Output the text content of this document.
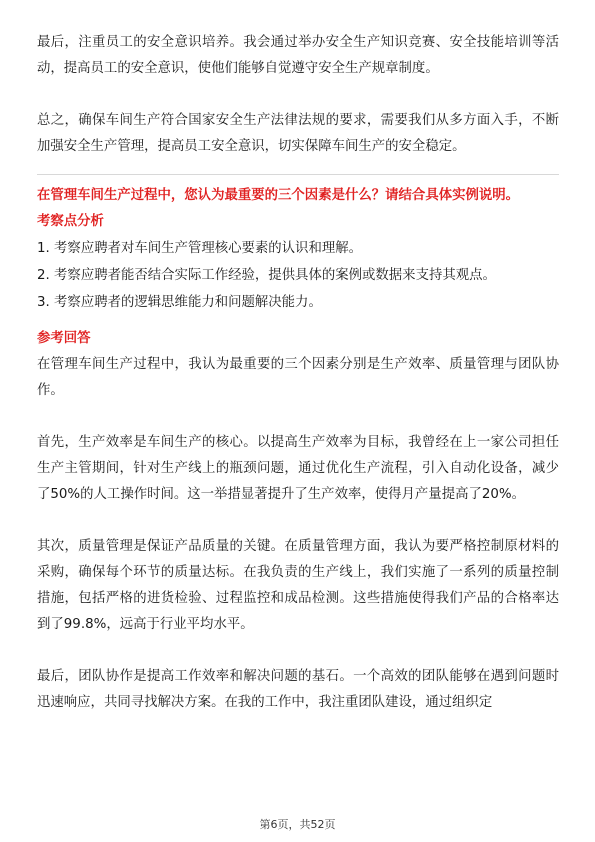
最后，注重员工的安全意识培养。我会通过举办安全生产知识竞赛、安全技能培训等活动，提高员工的安全意识，使他们能够自觉遵守安全生产规章制度。

总之，确保车间生产符合国家安全生产法律法规的要求，需要我们从多方面入手，不断加强安全生产管理，提高员工安全意识，切实保障车间生产的安全稳定。

在管理车间生产过程中，您认为最重要的三个因素是什么？请结合具体实例说明。

考察点分析

1. 考察应聘者对车间生产管理核心要素的认识和理解。

2. 考察应聘者能否结合实际工作经验，提供具体的案例或数据来支持其观点。

3. 考察应聘者的逻辑思维能力和问题解决能力。

参考回答

在管理车间生产过程中，我认为最重要的三个因素分别是生产效率、质量管理与团队协作。

首先，生产效率是车间生产的核心。以提高生产效率为目标，我曾经在上一家公司担任生产主管期间，针对生产线上的瓶颈问题，通过优化生产流程，引入自动化设备，减少了50%的人工操作时间。这一举措显著提升了生产效率，使得月产量提高了20%。

其次，质量管理是保证产品质量的关键。在质量管理方面，我认为要严格控制原材料的采购，确保每个环节的质量达标。在我负责的生产线上，我们实施了一系列的质量控制措施，包括严格的进货检验、过程监控和成品检测。这些措施使得我们产品的合格率达到了99.8%，远高于行业平均水平。

最后，团队协作是提高工作效率和解决问题的基石。一个高效的团队能够在遇到问题时迅速响应，共同寻找解决方案。在我的工作中，我注重团队建设，通过组织定

第6页，共52页
